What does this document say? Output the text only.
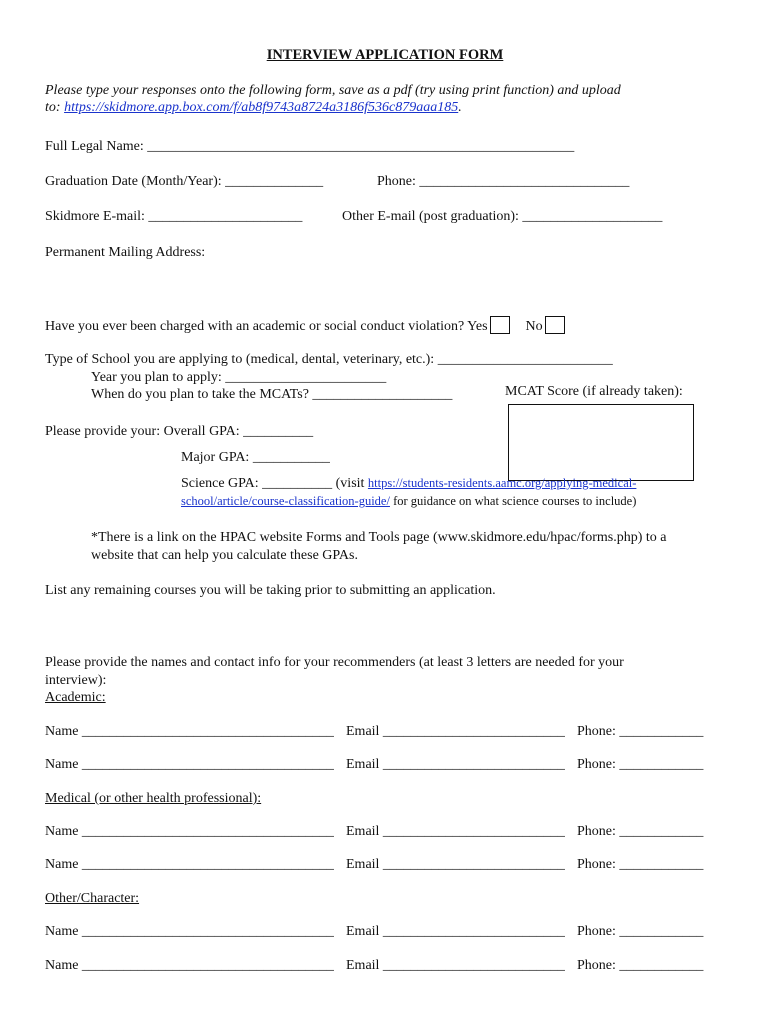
INTERVIEW APPLICATION FORM
Please type your responses onto the following form, save as a pdf (try using print function) and upload
to: https://skidmore.app.box.com/f/ab8f9743a8724a3186f536c879aaa185.
Full Legal Name: _____________________________________________________________
Graduation Date (Month/Year): ______________	Phone: ______________________________
Skidmore E-mail: ______________________	Other E-mail (post graduation): ____________________
Permanent Mailing Address:
Have you ever been charged with an academic or social conduct violation? Yes	No
Type of School you are applying to (medical, dental, veterinary, etc.): _________________________
Year you plan to apply: _______________________
When do you plan to take the MCATs? ____________________	MCAT Score (if already taken):
Please provide your: Overall GPA: __________
Major GPA: ___________
Science GPA: __________ (visit https://students-residents.aamc.org/applying-medical-
school/article/course-classification-guide/ for guidance on what science courses to include)
*There is a link on the HPAC website Forms and Tools page (www.skidmore.edu/hpac/forms.php) to a
website that can help you calculate these GPAs.
List any remaining courses you will be taking prior to submitting an application.
Please provide the names and contact info for your recommenders (at least 3 letters are needed for your
interview):
Academic:
Name ____________________________________ Email __________________________ Phone: ____________
Name ____________________________________ Email __________________________ Phone: ____________
Medical (or other health professional):
Name ____________________________________ Email __________________________ Phone: ____________
Name ____________________________________ Email __________________________ Phone: ____________
Other/Character:
Name ____________________________________ Email __________________________ Phone: ____________
Name ____________________________________ Email __________________________ Phone: ____________
